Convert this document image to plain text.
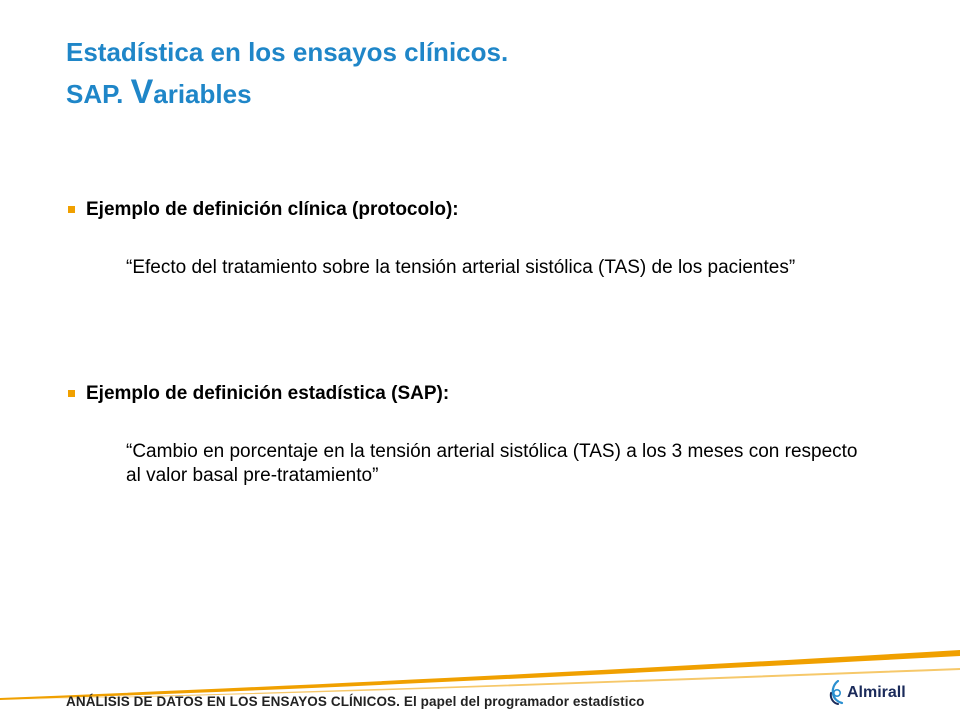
Estadística en los ensayos clínicos.
SAP. Variables
Ejemplo de definición clínica (protocolo):
“Efecto del tratamiento sobre la tensión arterial sistólica (TAS) de los pacientes”
Ejemplo de definición estadística (SAP):
“Cambio en porcentaje en la tensión arterial sistólica (TAS) a los 3 meses con respecto al valor basal pre-tratamiento”
ANÁLISIS DE DATOS EN LOS ENSAYOS CLÍNICOS. El papel del programador estadístico
Almirall
